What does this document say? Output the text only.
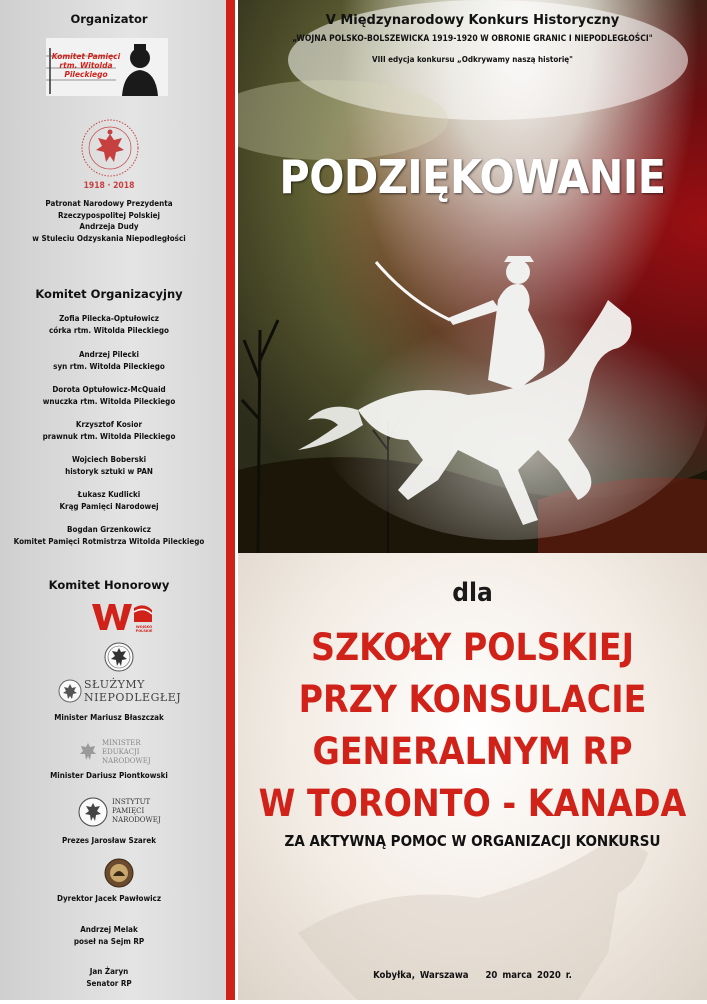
Organizator
Komitet Pamięci rtm. Witolda Pileckiego
1918 · 2018
Patronat Narodowy Prezydenta
Rzeczypospolitej Polskiej
Andrzeja Dudy
w Stuleciu Odzyskania Niepodległości
Komitet Organizacyjny
Zofia Pilecka-Optułowicz
córka rtm. Witolda Pileckiego
Andrzej Pilecki
syn rtm. Witolda Pileckiego
Dorota Optułowicz-McQuaid
wnuczka rtm. Witolda Pileckiego
Krzysztof Kosior
prawnuk rtm. Witolda Pileckiego
Wojciech Boberski
historyk sztuki w PAN
Łukasz Kudlicki
Krąg Pamięci Narodowej
Bogdan Grzenkowicz
Komitet Pamięci Rotmistrza Witolda Pileckiego
Komitet Honorowy
WOJSKO POLSKIE
SŁUŻYMY
NIEPODLEGŁEJ
Minister Mariusz Błaszczak
MINISTER
EDUKACJI
NARODOWEJ
Minister Dariusz Piontkowski
INSTYTUT
PAMIĘCI
NARODOWEJ
Prezes Jarosław Szarek
Dyrektor Jacek Pawłowicz
Andrzej Melak
poseł na Sejm RP
Jan Żaryn
Senator RP
V Międzynarodowy Konkurs Historyczny
„WOJNA POLSKO-BOLSZEWICKA 1919-1920 W OBRONIE GRANIC I NIEPODLEGŁOŚCI"
VIII edycja konkursu „Odkrywamy naszą historię"
PODZIĘKOWANIE
dla
SZKOŁY POLSKIEJ
PRZY KONSULACIE
GENERALNYM RP
W TORONTO - KANADA
ZA AKTYWNĄ POMOC W ORGANIZACJI KONKURSU
Kobyłka, Warszawa 20 marca 2020 r.
